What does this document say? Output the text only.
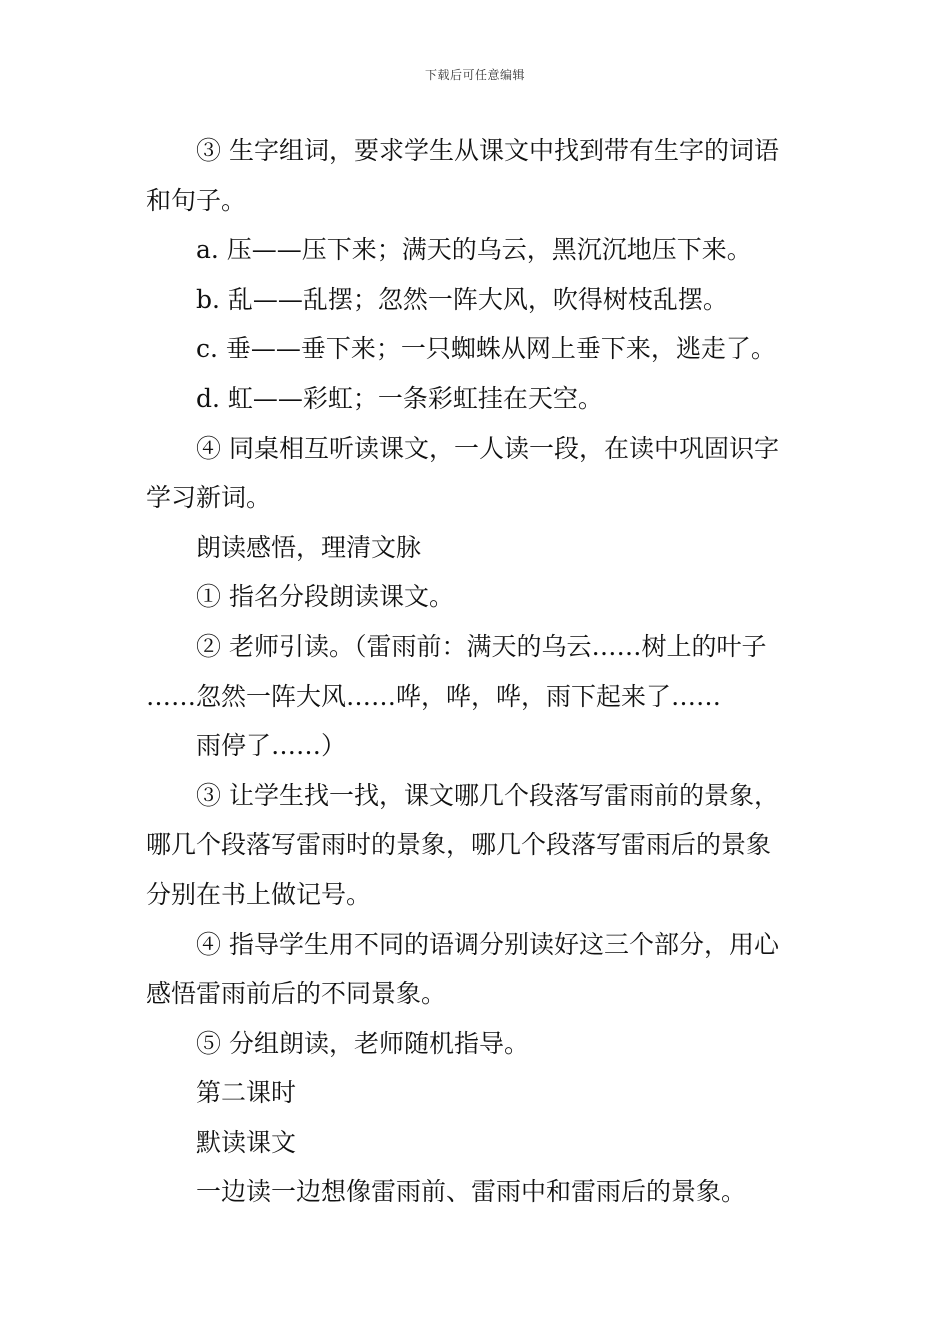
下载后可任意编辑

③ 生字组词，要求学生从课文中找到带有生字的词语

和句子。

a. 压——压下来；满天的乌云，黑沉沉地压下来。

b. 乱——乱摆；忽然一阵大风，吹得树枝乱摆。

c. 垂——垂下来；一只蜘蛛从网上垂下来，逃走了。

d. 虹——彩虹；一条彩虹挂在天空。

④ 同桌相互听读课文，一人读一段，在读中巩固识字

学习新词。

朗读感悟，理清文脉

① 指名分段朗读课文。

② 老师引读。（雷雨前：满天的乌云……树上的叶子

……忽然一阵大风……哗，哗，哗，雨下起来了……

雨停了……）

③ 让学生找一找，课文哪几个段落写雷雨前的景象，

哪几个段落写雷雨时的景象，哪几个段落写雷雨后的景象

分别在书上做记号。

④ 指导学生用不同的语调分别读好这三个部分，用心

感悟雷雨前后的不同景象。

⑤ 分组朗读，老师随机指导。

第二课时

默读课文

一边读一边想像雷雨前、雷雨中和雷雨后的景象。
